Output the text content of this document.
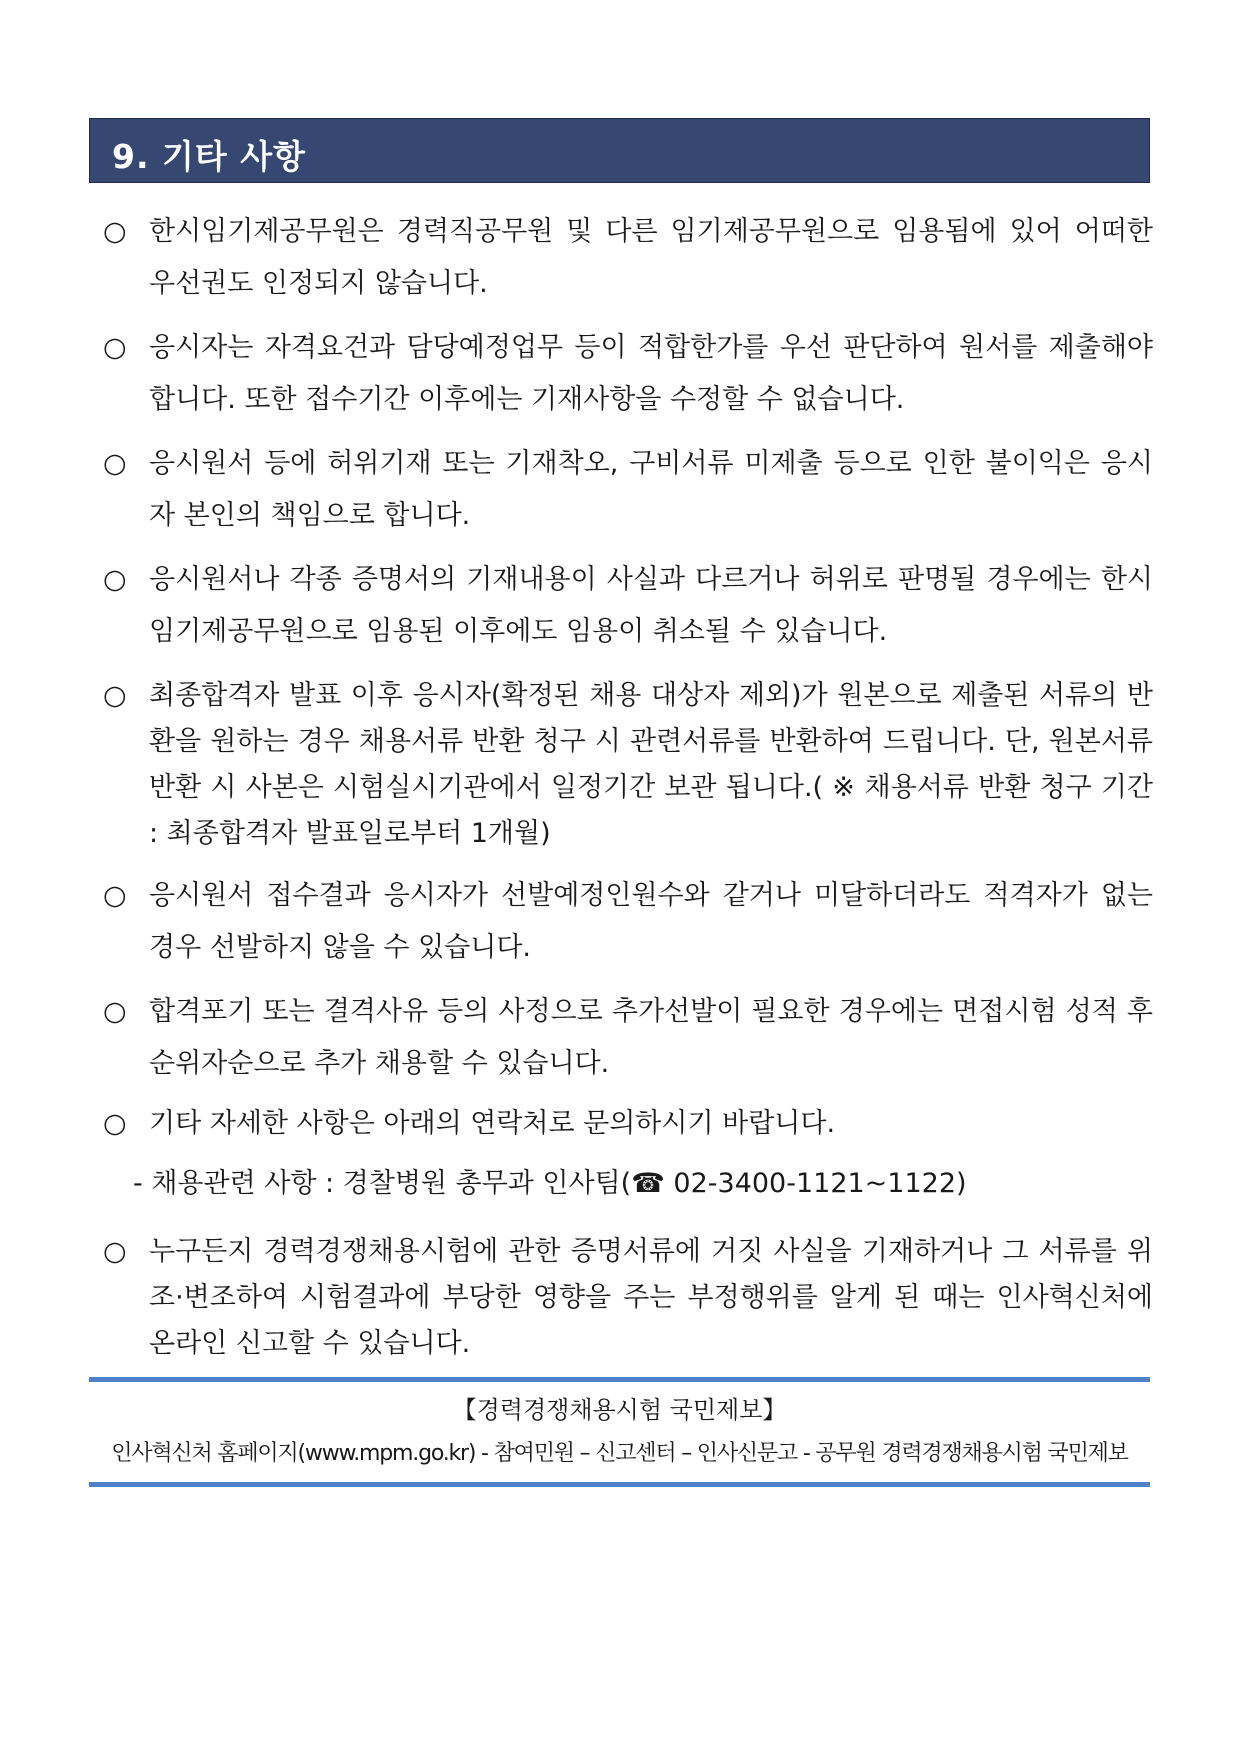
9. 기타 사항
○ 한시임기제공무원은 경력직공무원 및 다른 임기제공무원으로 임용됨에 있어 어떠한 우선권도 인정되지 않습니다.
○ 응시자는 자격요건과 담당예정업무 등이 적합한가를 우선 판단하여 원서를 제출해야 합니다. 또한 접수기간 이후에는 기재사항을 수정할 수 없습니다.
○ 응시원서 등에 허위기재 또는 기재착오, 구비서류 미제출 등으로 인한 불이익은 응시자 본인의 책임으로 합니다.
○ 응시원서나 각종 증명서의 기재내용이 사실과 다르거나 허위로 판명될 경우에는 한시임기제공무원으로 임용된 이후에도 임용이 취소될 수 있습니다.
○ 최종합격자 발표 이후 응시자(확정된 채용 대상자 제외)가 원본으로 제출된 서류의 반환을 원하는 경우 채용서류 반환 청구 시 관련서류를 반환하여 드립니다. 단, 원본서류 반환 시 사본은 시험실시기관에서 일정기간 보관 됩니다.( ※ 채용서류 반환 청구 기간 : 최종합격자 발표일로부터 1개월)
○ 응시원서 접수결과 응시자가 선발예정인원수와 같거나 미달하더라도 적격자가 없는 경우 선발하지 않을 수 있습니다.
○ 합격포기 또는 결격사유 등의 사정으로 추가선발이 필요한 경우에는 면접시험 성적 후순위자순으로 추가 채용할 수 있습니다.
○ 기타 자세한 사항은 아래의 연락처로 문의하시기 바랍니다.
- 채용관련 사항 : 경찰병원 총무과 인사팀(☎ 02-3400-1121~1122)
○ 누구든지 경력경쟁채용시험에 관한 증명서류에 거짓 사실을 기재하거나 그 서류를 위조·변조하여 시험결과에 부당한 영향을 주는 부정행위를 알게 된 때는 인사혁신처에 온라인 신고할 수 있습니다.
【경력경쟁채용시험 국민제보】
인사혁신처 홈페이지(www.mpm.go.kr) - 참여민원 – 신고센터 – 인사신문고 - 공무원 경력경쟁채용시험 국민제보
